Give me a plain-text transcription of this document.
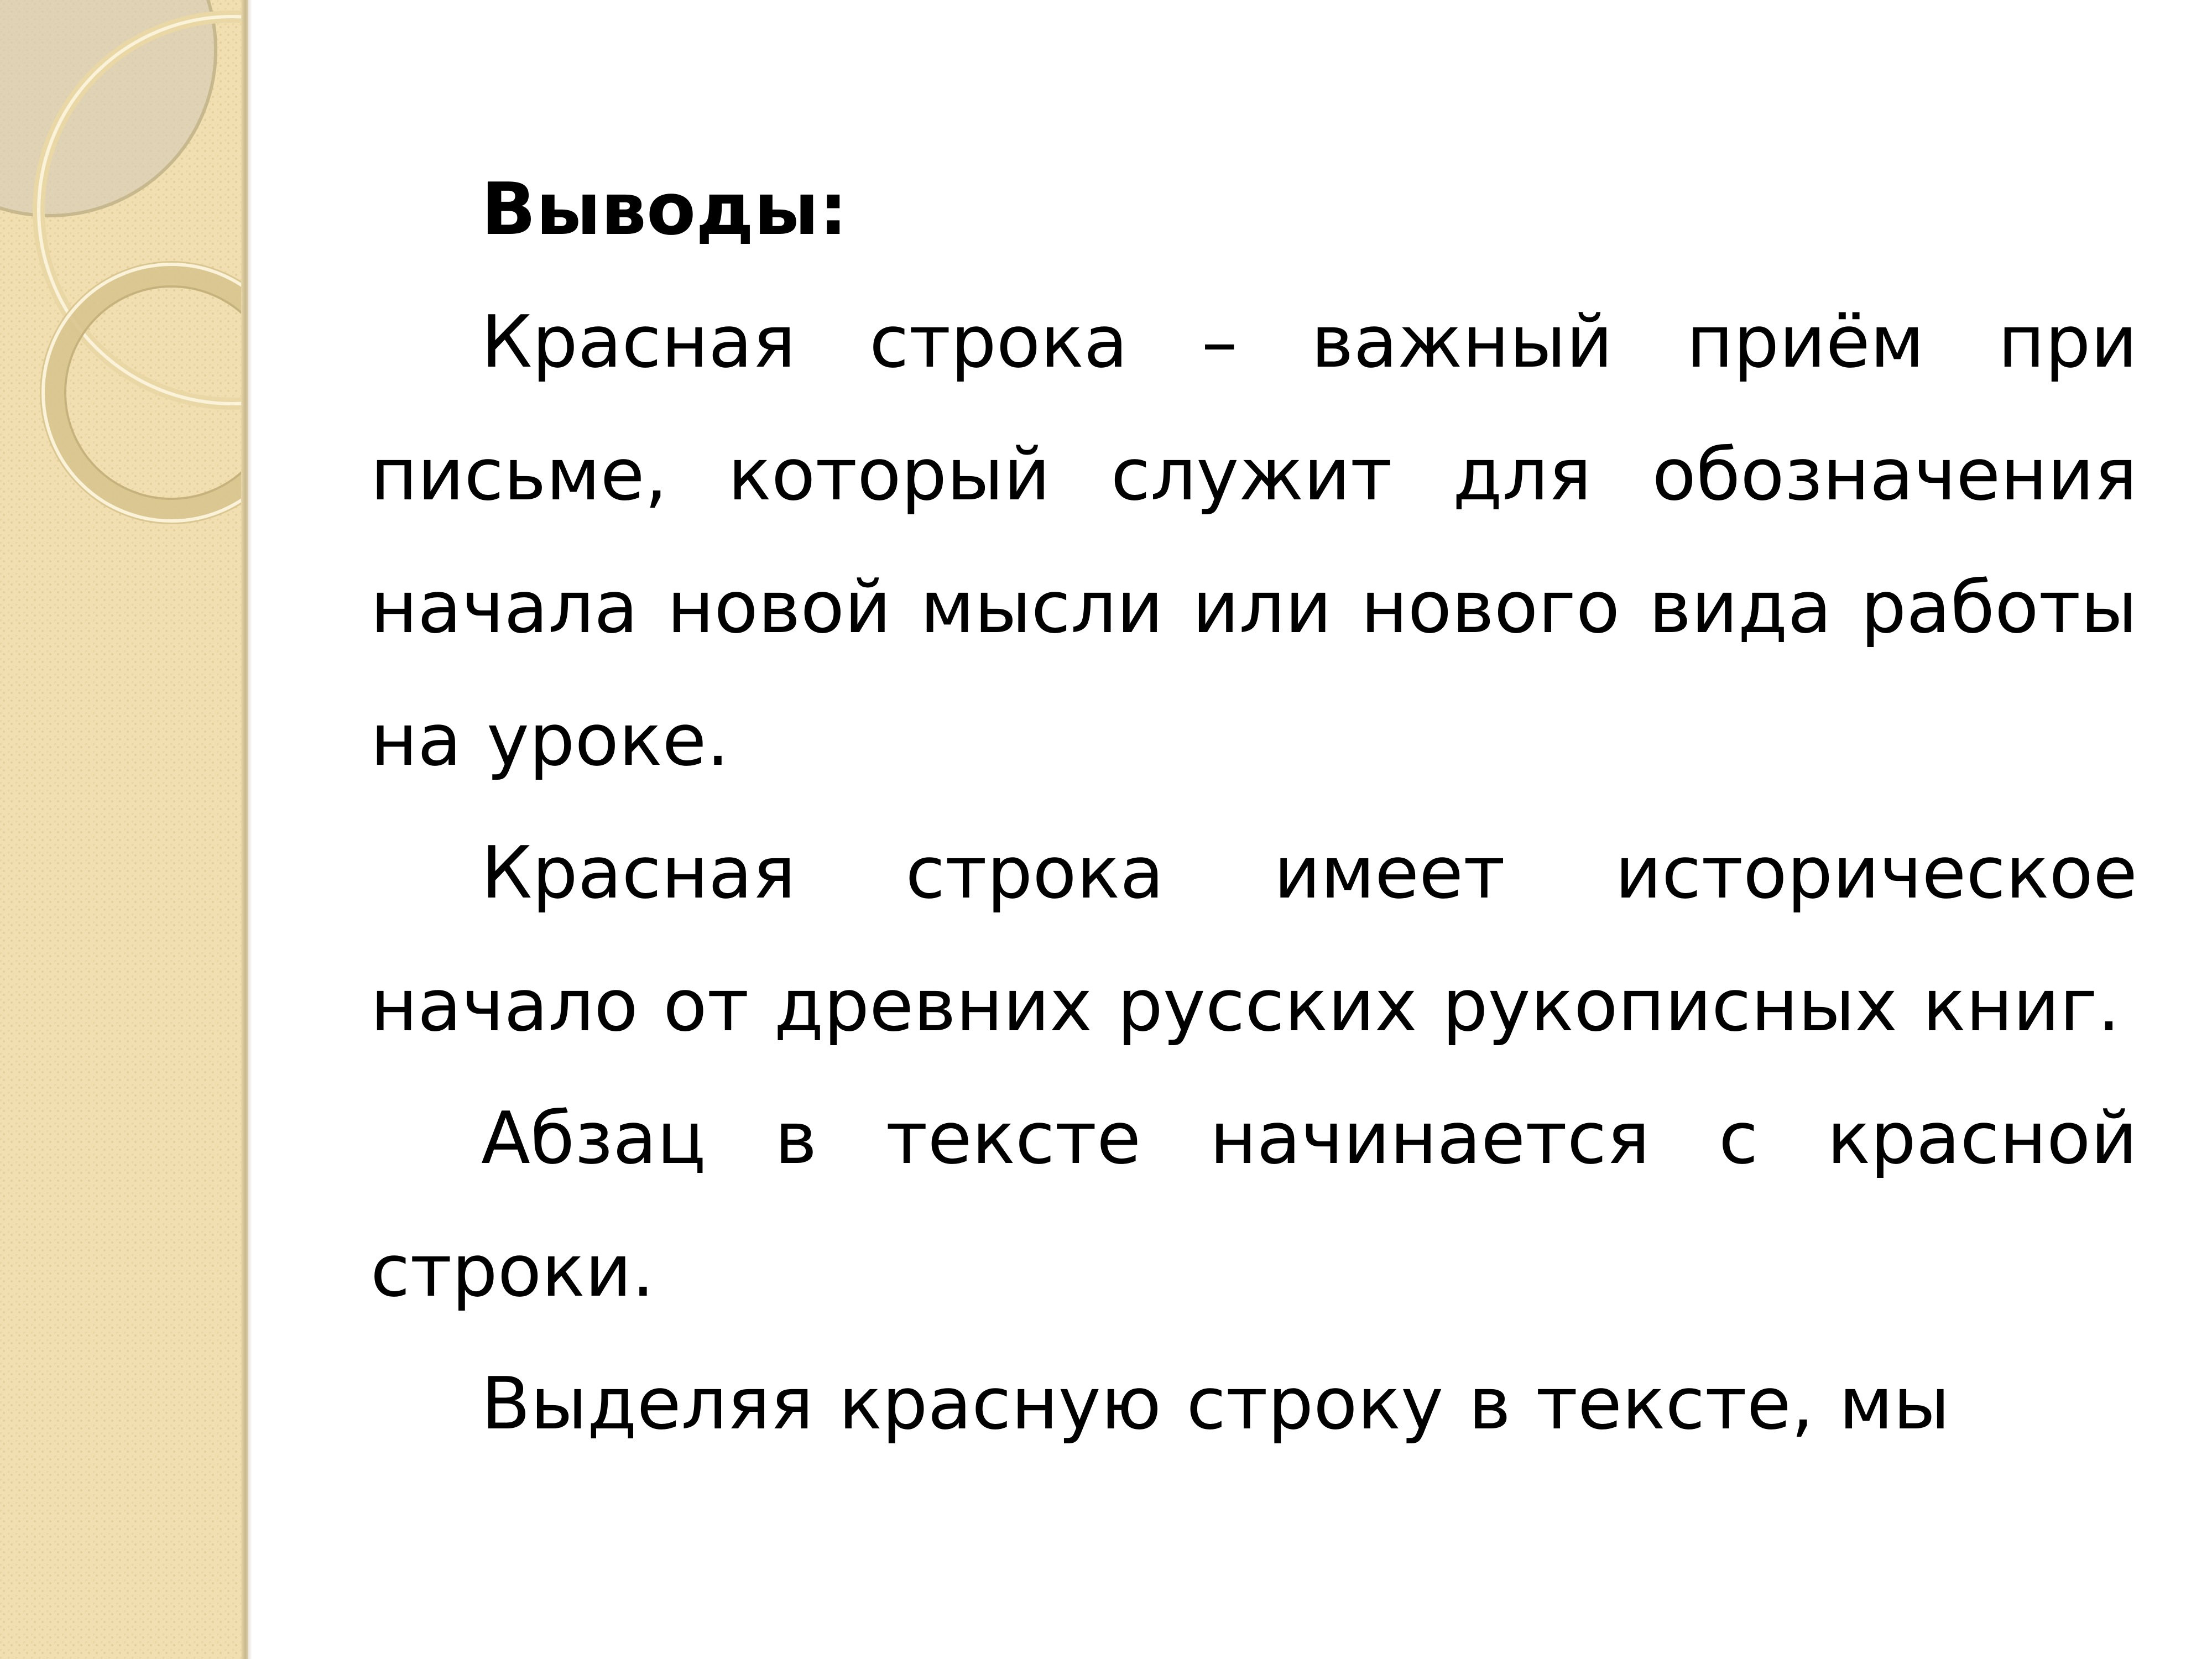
Выводы:

Красная строка – важный приём при письме, который служит для обозначения начала новой мысли или нового вида работы на уроке.

Красная строка имеет историческое начало от древних русских рукописных книг.

Абзац в тексте начинается с красной строки.

Выделяя красную строку в тексте, мы
